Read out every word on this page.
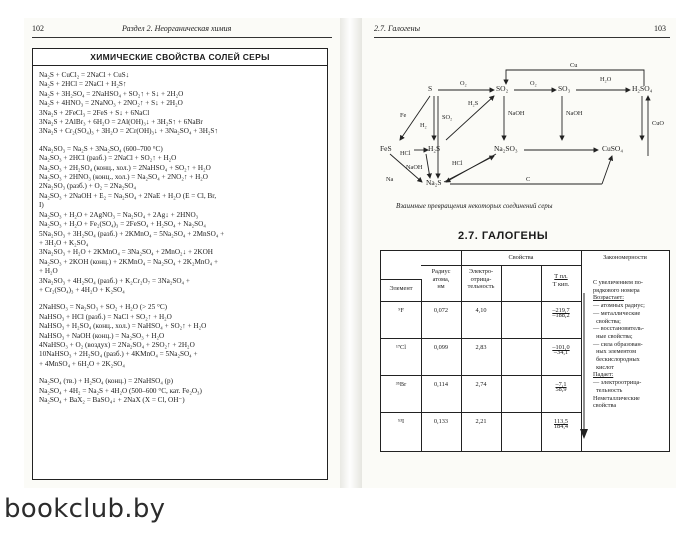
102	Раздел 2. Неорганическая химия
ХИМИЧЕСКИЕ СВОЙСТВА СОЛЕЙ СЕРЫ
Na₂S + CuCl₂ = 2NaCl + CuS↓
Na₂S + 2HCl = 2NaCl + H₂S↑
Na₂S + 3H₂SO₄ = 2NaHSO₄ + SO₂↑ + S↓ + 2H₂O
Na₂S + 4HNO₃ = 2NaNO₃ + 2NO₂↑ + S↓ + 2H₂O
3Na₂S + 2FeCl₃ = 2FeS + S↓ + 6NaCl
3Na₂S + 2AlBr₃ + 6H₂O = 2Al(OH)₃↓ + 3H₂S↑ + 6NaBr
3Na₂S + Cr₂(SO₄)₃ + 3H₂O = 2Cr(OH)₃↓ + 3Na₂SO₄ + 3H₂S↑
4Na₂SO₃ = Na₂S + 3Na₂SO₄ (600–700 °C)
Na₂SO₃ + 2HCl (разб.) = 2NaCl + SO₂↑ + H₂O
Na₂SO₃ + 2H₂SO₄ (конц., хол.) = 2NaHSO₄ + SO₂↑ + H₂O
Na₂SO₃ + 2HNO₃ (конц., хол.) = Na₂SO₄ + 2NO₂↑ + H₂O
2Na₂SO₃ (разб.) + O₂ = 2Na₂SO₄
Na₂SO₃ + 2NaOH + E₂ = Na₂SO₄ + 2NaE + H₂O (E = Cl, Br,
I)
Na₂SO₃ + H₂O + 2AgNO₃ = Na₂SO₄ + 2Ag↓ + 2HNO₃
Na₂SO₃ + H₂O + Fe₂(SO₄)₃ = 2FeSO₄ + H₂SO₄ + Na₂SO₄
5Na₂SO₃ + 3H₂SO₄ (разб.) + 2KMnO₄ = 5Na₂SO₄ + 2MnSO₄ +
+ 3H₂O + K₂SO₄
3Na₂SO₃ + H₂O + 2KMnO₄ = 3Na₂SO₄ + 2MnO₂↓ + 2KOH
Na₂SO₃ + 2KOH (конц.) + 2KMnO₄ = Na₂SO₄ + 2K₂MnO₄ +
+ H₂O
3Na₂SO₃ + 4H₂SO₄ (разб.) + K₂Cr₂O₇ = 3Na₂SO₄ +
+ Cr₂(SO₄)₃ + 4H₂O + K₂SO₄
2NaHSO₃ = Na₂SO₃ + SO₂ + H₂O (> 25 °C)
NaHSO₃ + HCl (разб.) = NaCl + SO₂↑ + H₂O
NaHSO₃ + H₂SO₄ (конц., хол.) = NaHSO₄ + SO₂↑ + H₂O
NaHSO₃ + NaOH (конц.) = Na₂SO₃ + H₂O
4NaHSO₃ + O₂ (воздух) = 2Na₂SO₄ + 2SO₂↑ + 2H₂O
10NaHSO₃ + 2H₂SO₄ (разб.) + 4KMnO₄ = 5Na₂SO₄ +
+ 4MnSO₄ + 6H₂O + 2K₂SO₄
Na₂SO₄ (тв.) + H₂SO₄ (конц.) = 2NaHSO₄ (р)
Na₂SO₄ + 4H₂ = Na₂S + 4H₂O (500–600 °C, кат. Fe₂O₃)
Na₂SO₄ + BaX₂ = BaSO₄↓ + 2NaX (X = Cl, OH⁻)
2.7. Галогены	103
S	SO₂	SO₃	H₂SO₄
FeS	H₂S	Na₂SO₃	CuSO₄
Na₂S
O₂	O₂
H₂O
Cu
Fe
H₂
SO₂
H₂S
NaOH	NaOH
NaOH
HCl
HCl
Na	C
CuO
Взаимные превращения некоторых соединений серы
2.7. ГАЛОГЕНЫ
Свойства	Закономерности
Элемент
Радиус
атома,
нм
Электро-
отрица-
тельность
T пл.
T кип.
⁹F	0,072	4,10	–219,7
–188,2
¹⁷Cl	0,099	2,83	–101,0
–34,1
³⁵Br	0,114	2,74	–7,1
58,9
⁵³I	0,133	2,21	113,5
184,4
С увеличением по-
рядкового номера
Возрастает:
— атомных радиус;
— металлические
свойства;
— восстановитель-
ные свойства;
— сила образован-
ных элементом
бескислородных
кислот
Падает:
— электроотрица-
тельность
Неметаллические
свойства
bookclub.by
